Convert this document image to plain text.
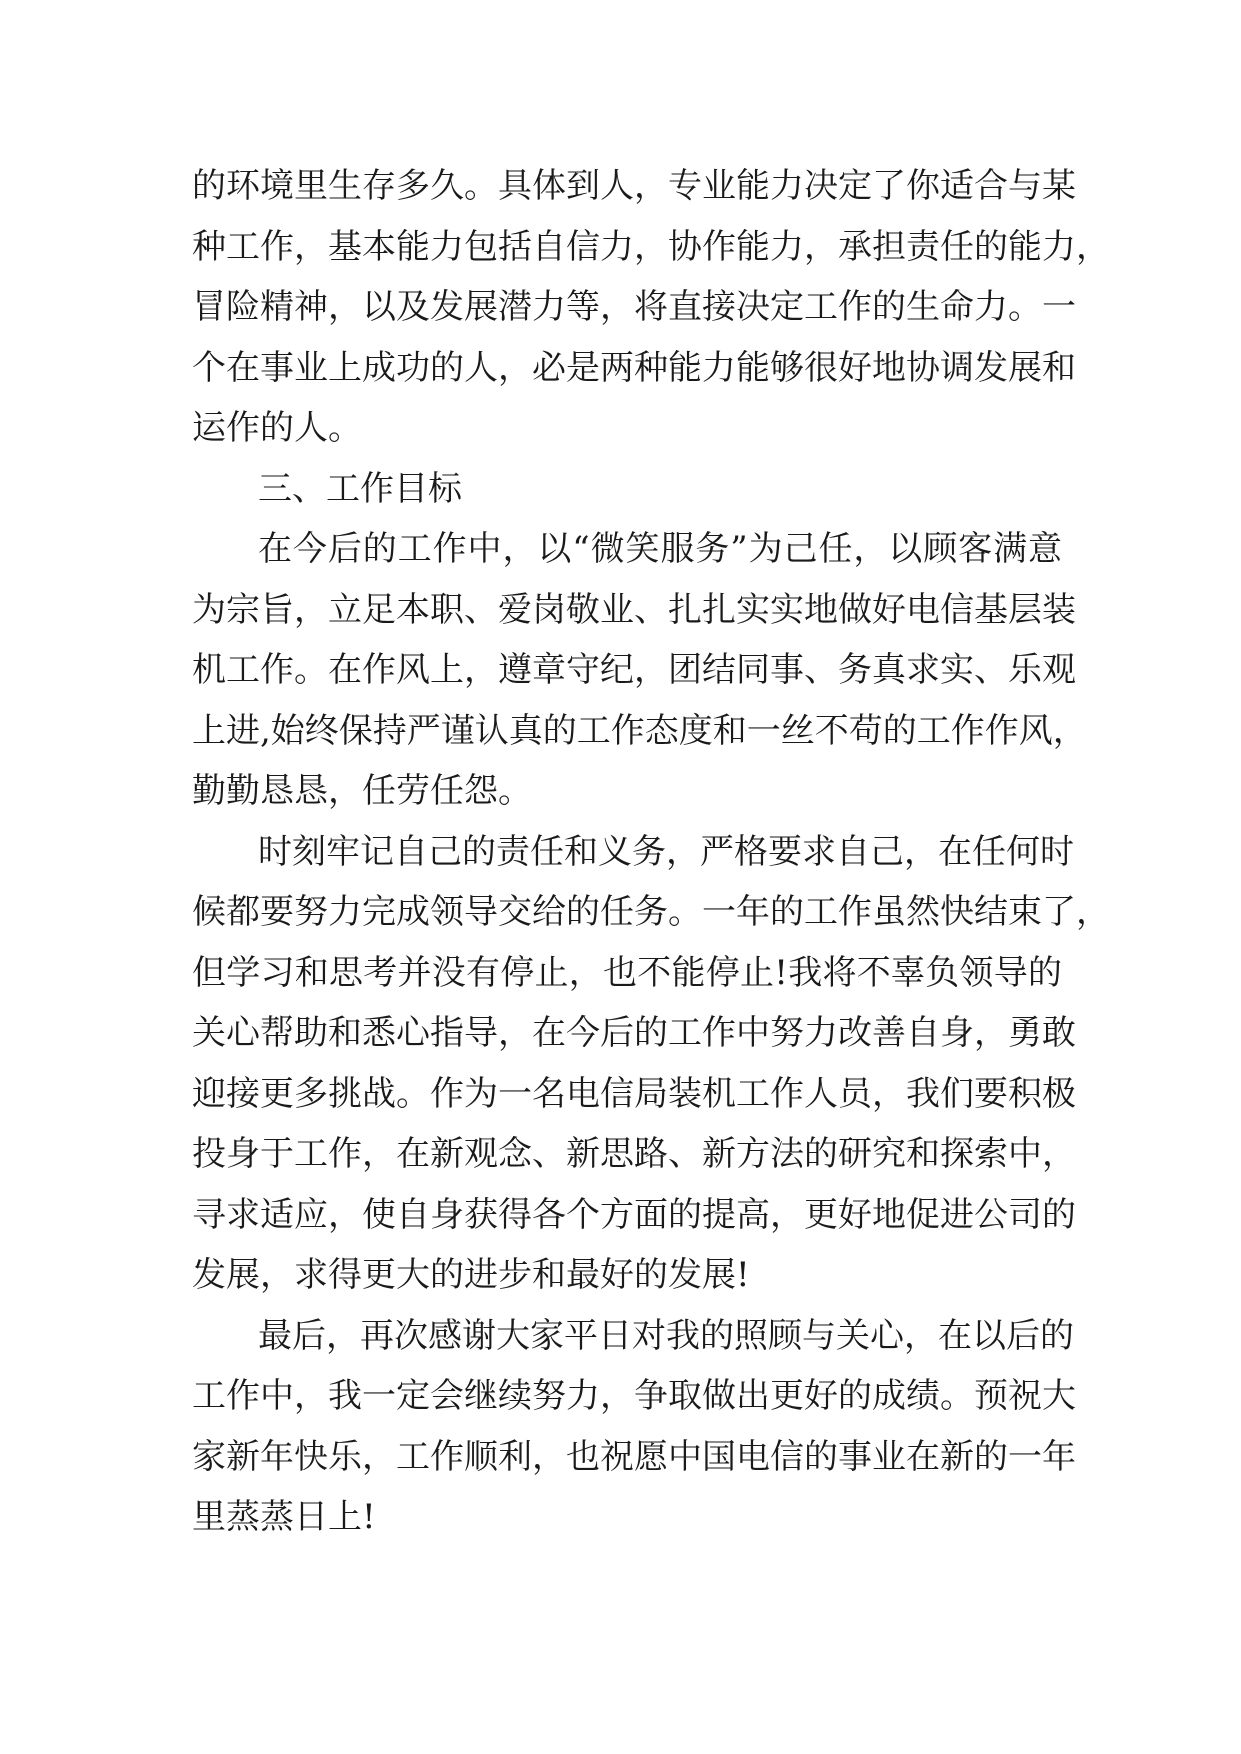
的环境里生存多久。具体到人，专业能力决定了你适合与某
种工作，基本能力包括自信力，协作能力，承担责任的能力，
冒险精神，以及发展潜力等，将直接决定工作的生命力。一
个在事业上成功的人，必是两种能力能够很好地协调发展和
运作的人。
三、工作目标
在今后的工作中，以“微笑服务”为己任，以顾客满意
为宗旨，立足本职、爱岗敬业、扎扎实实地做好电信基层装
机工作。在作风上，遵章守纪，团结同事、务真求实、乐观
上进,始终保持严谨认真的工作态度和一丝不苟的工作作风，
勤勤恳恳，任劳任怨。
时刻牢记自己的责任和义务，严格要求自己，在任何时
候都要努力完成领导交给的任务。一年的工作虽然快结束了，
但学习和思考并没有停止，也不能停止!我将不辜负领导的
关心帮助和悉心指导，在今后的工作中努力改善自身，勇敢
迎接更多挑战。作为一名电信局装机工作人员，我们要积极
投身于工作，在新观念、新思路、新方法的研究和探索中，
寻求适应，使自身获得各个方面的提高，更好地促进公司的
发展，求得更大的进步和最好的发展!
最后，再次感谢大家平日对我的照顾与关心，在以后的
工作中，我一定会继续努力，争取做出更好的成绩。预祝大
家新年快乐，工作顺利，也祝愿中国电信的事业在新的一年
里蒸蒸日上!
